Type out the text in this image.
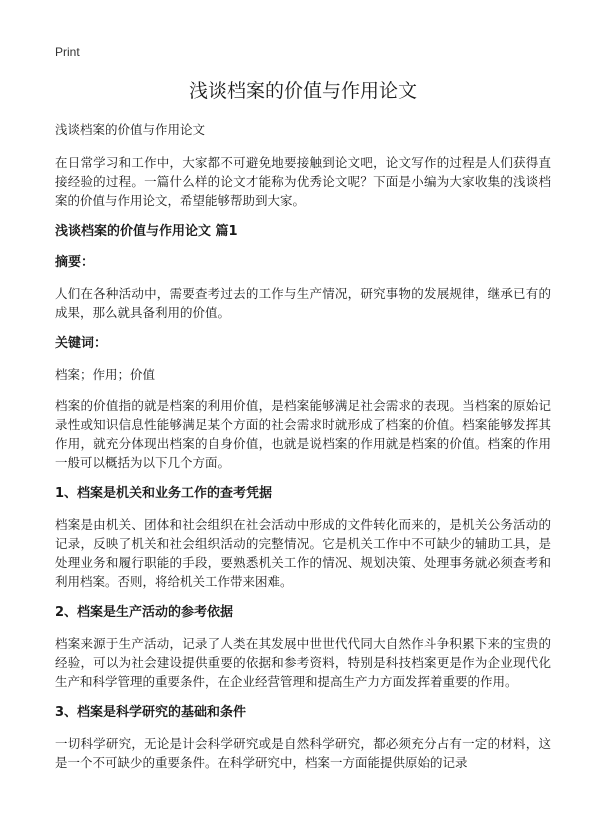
Print
浅谈档案的价值与作用论文

浅谈档案的价值与作用论文

在日常学习和工作中，大家都不可避免地要接触到论文吧，论文写作的过程是人们获得直接经验的过程。一篇什么样的论文才能称为优秀论文呢？下面是小编为大家收集的浅谈档案的价值与作用论文，希望能够帮助到大家。

浅谈档案的价值与作用论文 篇1

摘要：

人们在各种活动中，需要查考过去的工作与生产情况，研究事物的发展规律，继承已有的成果，那么就具备利用的价值。

关键词：

档案；作用；价值

档案的价值指的就是档案的利用价值，是档案能够满足社会需求的表现。当档案的原始记录性或知识信息性能够满足某个方面的社会需求时就形成了档案的价值。档案能够发挥其作用，就充分体现出档案的自身价值，也就是说档案的作用就是档案的价值。档案的作用一般可以概括为以下几个方面。

1、档案是机关和业务工作的查考凭据

档案是由机关、团体和社会组织在社会活动中形成的文件转化而来的，是机关公务活动的记录，反映了机关和社会组织活动的完整情况。它是机关工作中不可缺少的辅助工具，是处理业务和履行职能的手段，要熟悉机关工作的情况、规划决策、处理事务就必须查考和利用档案。否则，将给机关工作带来困难。

2、档案是生产活动的参考依据

档案来源于生产活动，记录了人类在其发展中世世代代同大自然作斗争积累下来的宝贵的经验，可以为社会建设提供重要的依据和参考资料，特别是科技档案更是作为企业现代化生产和科学管理的重要条件，在企业经营管理和提高生产力方面发挥着重要的作用。

3、档案是科学研究的基础和条件

一切科学研究，无论是计会科学研究或是自然科学研究，都必须充分占有一定的材料，这是一个不可缺少的重要条件。在科学研究中，档案一方面能提供原始的记录
